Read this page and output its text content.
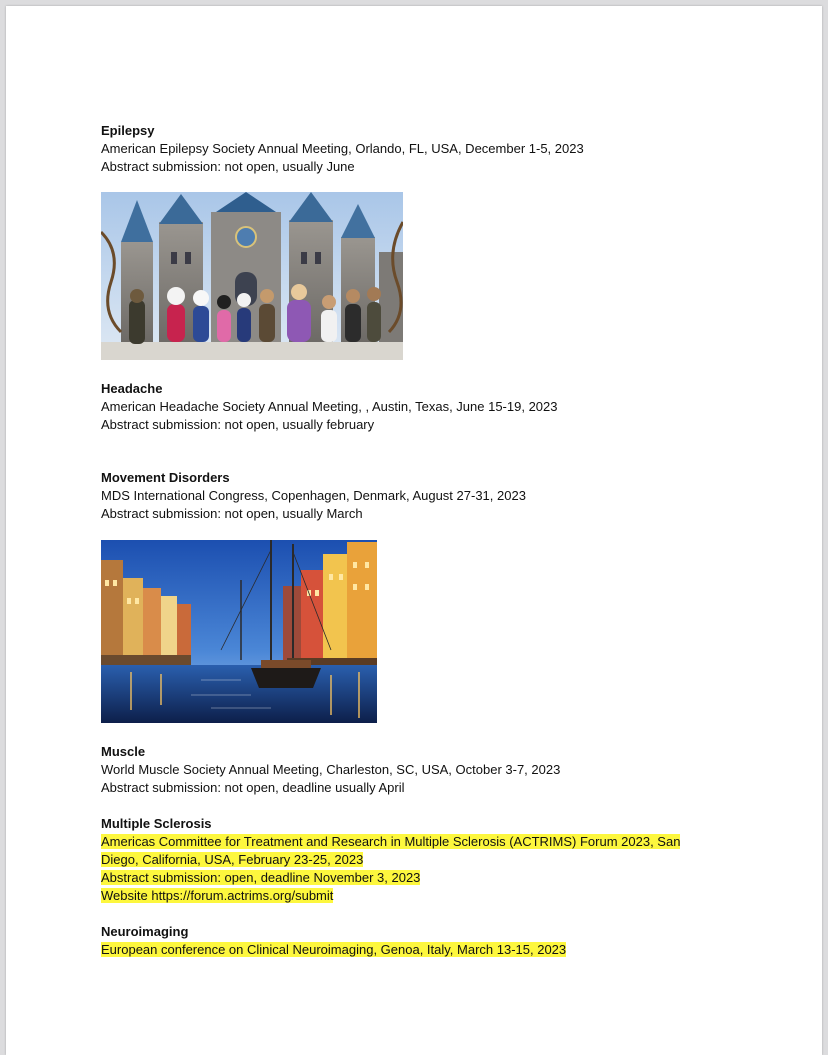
Epilepsy
American Epilepsy Society Annual Meeting, Orlando, FL, USA, December 1-5, 2023
Abstract submission: not open, usually June
Headache
American Headache Society Annual Meeting, , Austin, Texas, June 15-19, 2023
Abstract submission: not open, usually february
Movement Disorders
MDS International Congress, Copenhagen, Denmark, August 27-31, 2023
Abstract submission: not open, usually March
Muscle
World Muscle Society Annual Meeting, Charleston, SC, USA, October 3-7, 2023
Abstract submission: not open, deadline usually April
Multiple Sclerosis
Americas Committee for Treatment and Research in Multiple Sclerosis (ACTRIMS) Forum 2023, San
Diego, California, USA, February 23-25, 2023
Abstract submission: open, deadline November 3, 2023
Website https://forum.actrims.org/submit
Neuroimaging
European conference on Clinical Neuroimaging, Genoa, Italy, March 13-15, 2023
